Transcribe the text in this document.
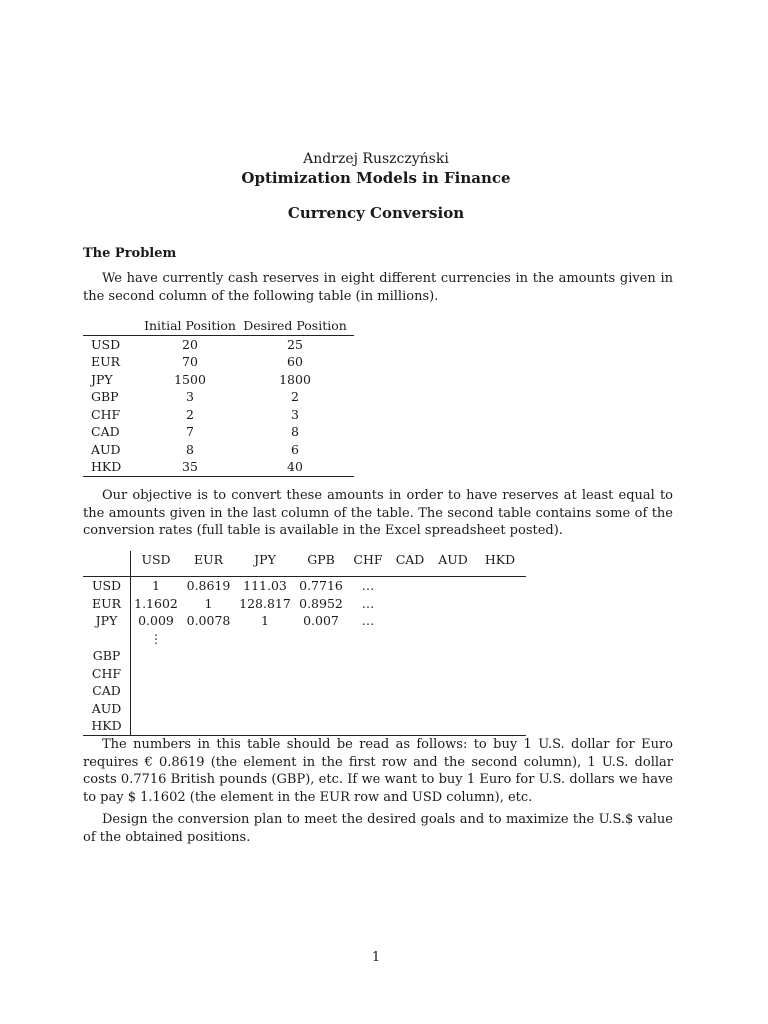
Andrzej Ruszczyński
Optimization Models in Finance
Currency Conversion
The Problem
We have currently cash reserves in eight different currencies in the amounts given in the second column of the following table (in millions).
	Initial Position	Desired Position
USD	20	25
EUR	70	60
JPY	1500	1800
GBP	3	2
CHF	2	3
CAD	7	8
AUD	8	6
HKD	35	40
Our objective is to convert these amounts in order to have reserves at least equal to the amounts given in the last column of the table. The second table contains some of the conversion rates (full table is available in the Excel spreadsheet posted).
	USD	EUR	JPY	GPB	CHF	CAD	AUD	HKD
USD	1	0.8619	111.03	0.7716	…			
EUR	1.1602	1	128.817	0.8952	…			
JPY	0.009	0.0078	1	0.007	…			
	⋮							
GBP								
CHF								
CAD								
AUD								
HKD								
The numbers in this table should be read as follows: to buy 1 U.S. dollar for Euro requires € 0.8619 (the element in the first row and the second column), 1 U.S. dollar costs 0.7716 British pounds (GBP), etc. If we want to buy 1 Euro for U.S. dollars we have to pay $ 1.1602 (the element in the EUR row and USD column), etc.
Design the conversion plan to meet the desired goals and to maximize the U.S.$ value of the obtained positions.
1
